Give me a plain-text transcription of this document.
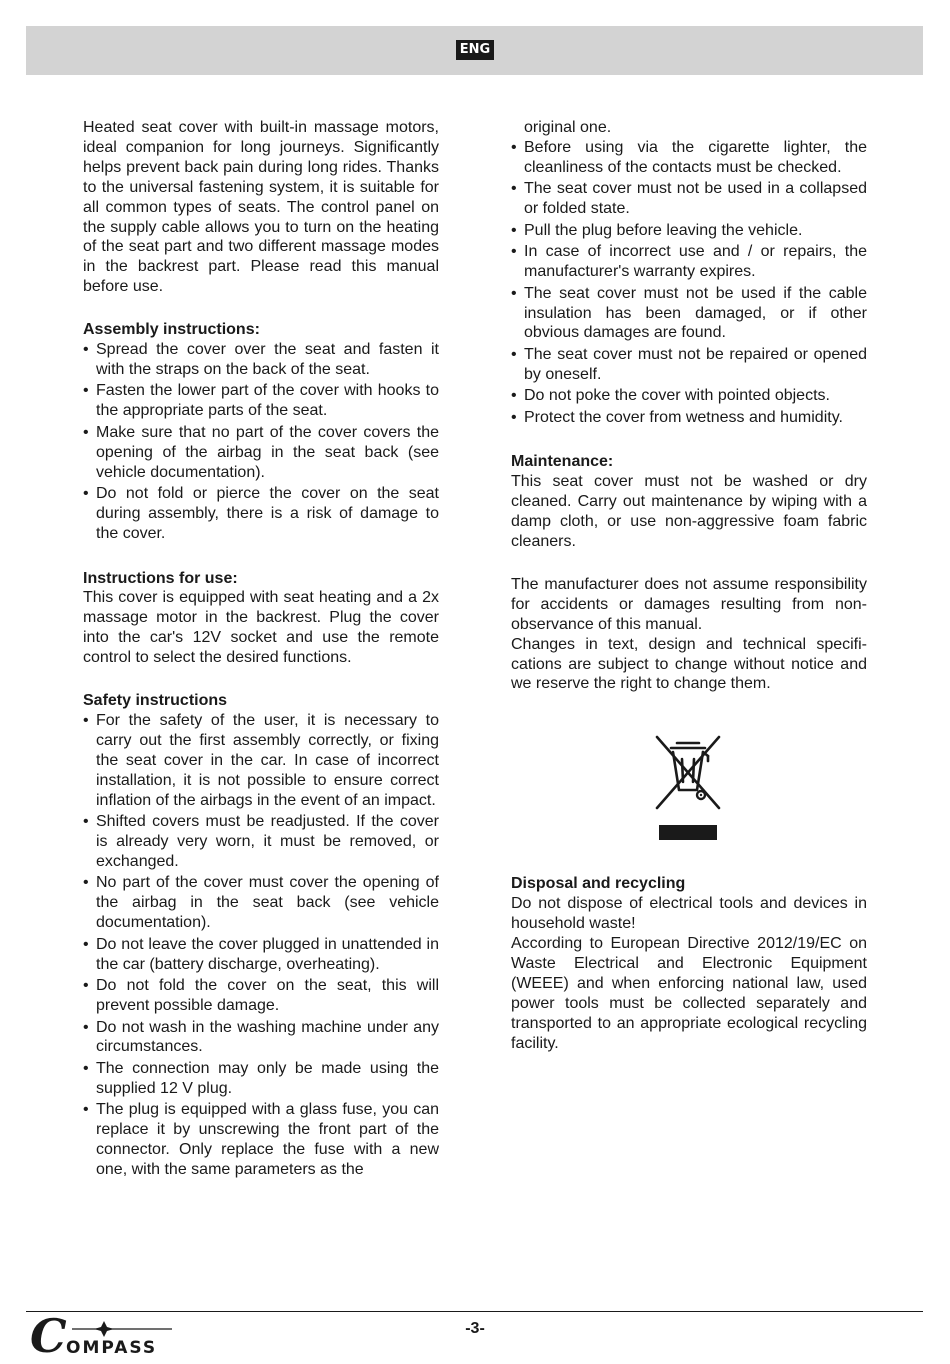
ENG

Heated seat cover with built-in massage motors, ideal companion for long journeys. Significantly helps prevent back pain during long rides. Thanks to the universal fastening system, it is suitable for all common types of seats. The control panel on the supply cable allows you to turn on the heating of the seat part and two different massage modes in the backrest part. Please read this manual before use.

Assembly instructions:
• Spread the cover over the seat and fasten it with the straps on the back of the seat.
• Fasten the lower part of the cover with hooks to the appropriate parts of the seat.
• Make sure that no part of the cover covers the opening of the airbag in the seat back (see vehicle documentation).
• Do not fold or pierce the cover on the seat during assembly, there is a risk of damage to the cover.
Instructions for use:

This cover is equipped with seat heating and a 2x massage motor in the backrest. Plug the cover into the car's 12V socket and use the remote control to select the desired functions.

Safety instructions
• For the safety of the user, it is necessary to carry out the first assembly correctly, or fixing the seat cover in the car. In case of incorrect installation, it is not possible to ensure correct inflation of the airbags in the event of an impact.
• Shifted covers must be readjusted. If the cover is already very worn, it must be removed, or exchanged.
• No part of the cover must cover the opening of the airbag in the seat back (see vehicle documentation).
• Do not leave the cover plugged in unattended in the car (battery discharge, overheating).
• Do not fold the cover on the seat, this will prevent possible damage.
• Do not wash in the washing machine under any circumstances.
• The connection may only be made using the supplied 12 V plug.
• The plug is equipped with a glass fuse, you can replace it by unscrewing the front part of the connector. Only replace the fuse with a new one, with the same parameters as the
original one.
• Before using via the cigarette lighter, the cleanliness of the contacts must be checked.
• The seat cover must not be used in a collapsed or folded state.
• Pull the plug before leaving the vehicle.
• In case of incorrect use and / or repairs, the manufacturer's warranty expires.
• The seat cover must not be used if the cable insulation has been damaged, or if other obvious damages are found.
• The seat cover must not be repaired or opened by oneself.
• Do not poke the cover with pointed objects.
• Protect the cover from wetness and humidity.
Maintenance:

This seat cover must not be washed or dry cleaned. Carry out maintenance by wiping with a damp cloth, or use non-aggressive foam fabric cleaners.

The manufacturer does not assume responsibility for accidents or damages resulting from non-observance of this manual.

Changes in text, design and technical specifications are subject to change without notice and we reserve the right to change them.

Disposal and recycling

Do not dispose of electrical tools and devices in household waste!

According to European Directive 2012/19/EC on Waste Electrical and Electronic Equipment (WEEE) and when enforcing national law, used power tools must be collected separately and transported to an appropriate ecological recycling facility.

-3-
C OMPASS
